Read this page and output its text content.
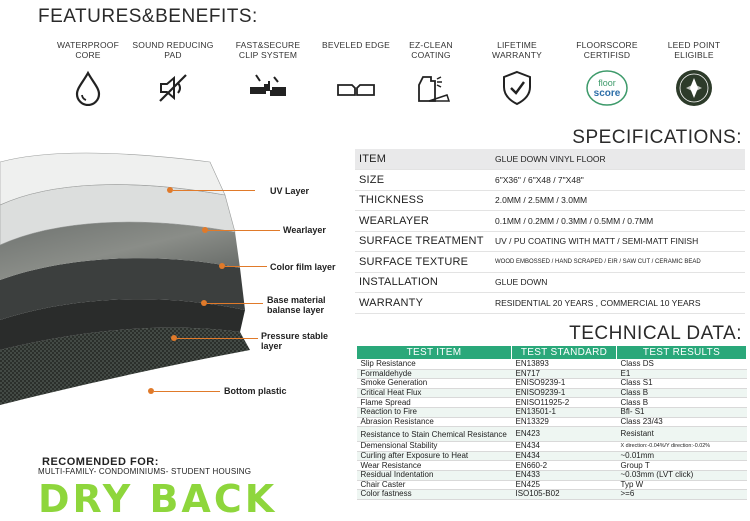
FEATURES&BENEFITS:
WATERPROOF CORE
SOUND REDUCING PAD
FAST&SECURE CLIP SYSTEM
BEVELED EDGE	EZ-CLEAN COATING
LIFETIME WARRANTY
FLOORSCORE CERTIFISD
floor
score
LEED POINT ELIGIBLE
UV Layer
Wearlayer
Color film layer
Base material balanse layer
Pressure stable layer
Bottom plastic
SPECIFICATIONS:
ITEM	GLUE DOWN VINYL FLOOR
SIZE	6"X36" / 6"X48 / 7"X48"
THICKNESS	2.0MM / 2.5MM / 3.0MM
WEARLAYER	0.1MM / 0.2MM / 0.3MM / 0.5MM / 0.7MM
SURFACE TREATMENT	UV / PU COATING WITH MATT / SEMI-MATT FINISH
SURFACE TEXTURE	WOOD EMBOSSED / HAND SCRAPED / EIR / SAW CUT / CERAMIC BEAD
INSTALLATION	GLUE DOWN
WARRANTY	RESIDENTIAL 20 YEARS , COMMERCIAL 10 YEARS
TECHNICAL DATA:
TEST ITEM	TEST STANDARD	TEST RESULTS
Slip Resistance	EN13893	Class DS
Formaldehyde	EN717	E1
Smoke Generation	ENISO9239-1	Class S1
Critical Heat Flux	ENISO9239-1	Class B
Flame Spread	ENISO11925-2	Class B
Reaction to Fire	EN13501-1	Bfl- S1
Abrasion Resistance	EN13329	Class 23/43
Resistance to Stain Chemical Resistance	EN423	Resistant
Demensional Stability	EN434	X direction:-0.04%/Y direction:-0.02%
Curling after Exposure to Heat	EN434	~0.01mm
Wear Resistance	EN660-2	Group T
Residual Indentation	EN433	~0.03mm (LVT click)
Chair Caster	EN425	Typ W
Color fastness	ISO105-B02	>=6
RECOMENDED FOR:
MULTI-FAMILY- CONDOMINIUMS- STUDENT HOUSING
DRY BACK
